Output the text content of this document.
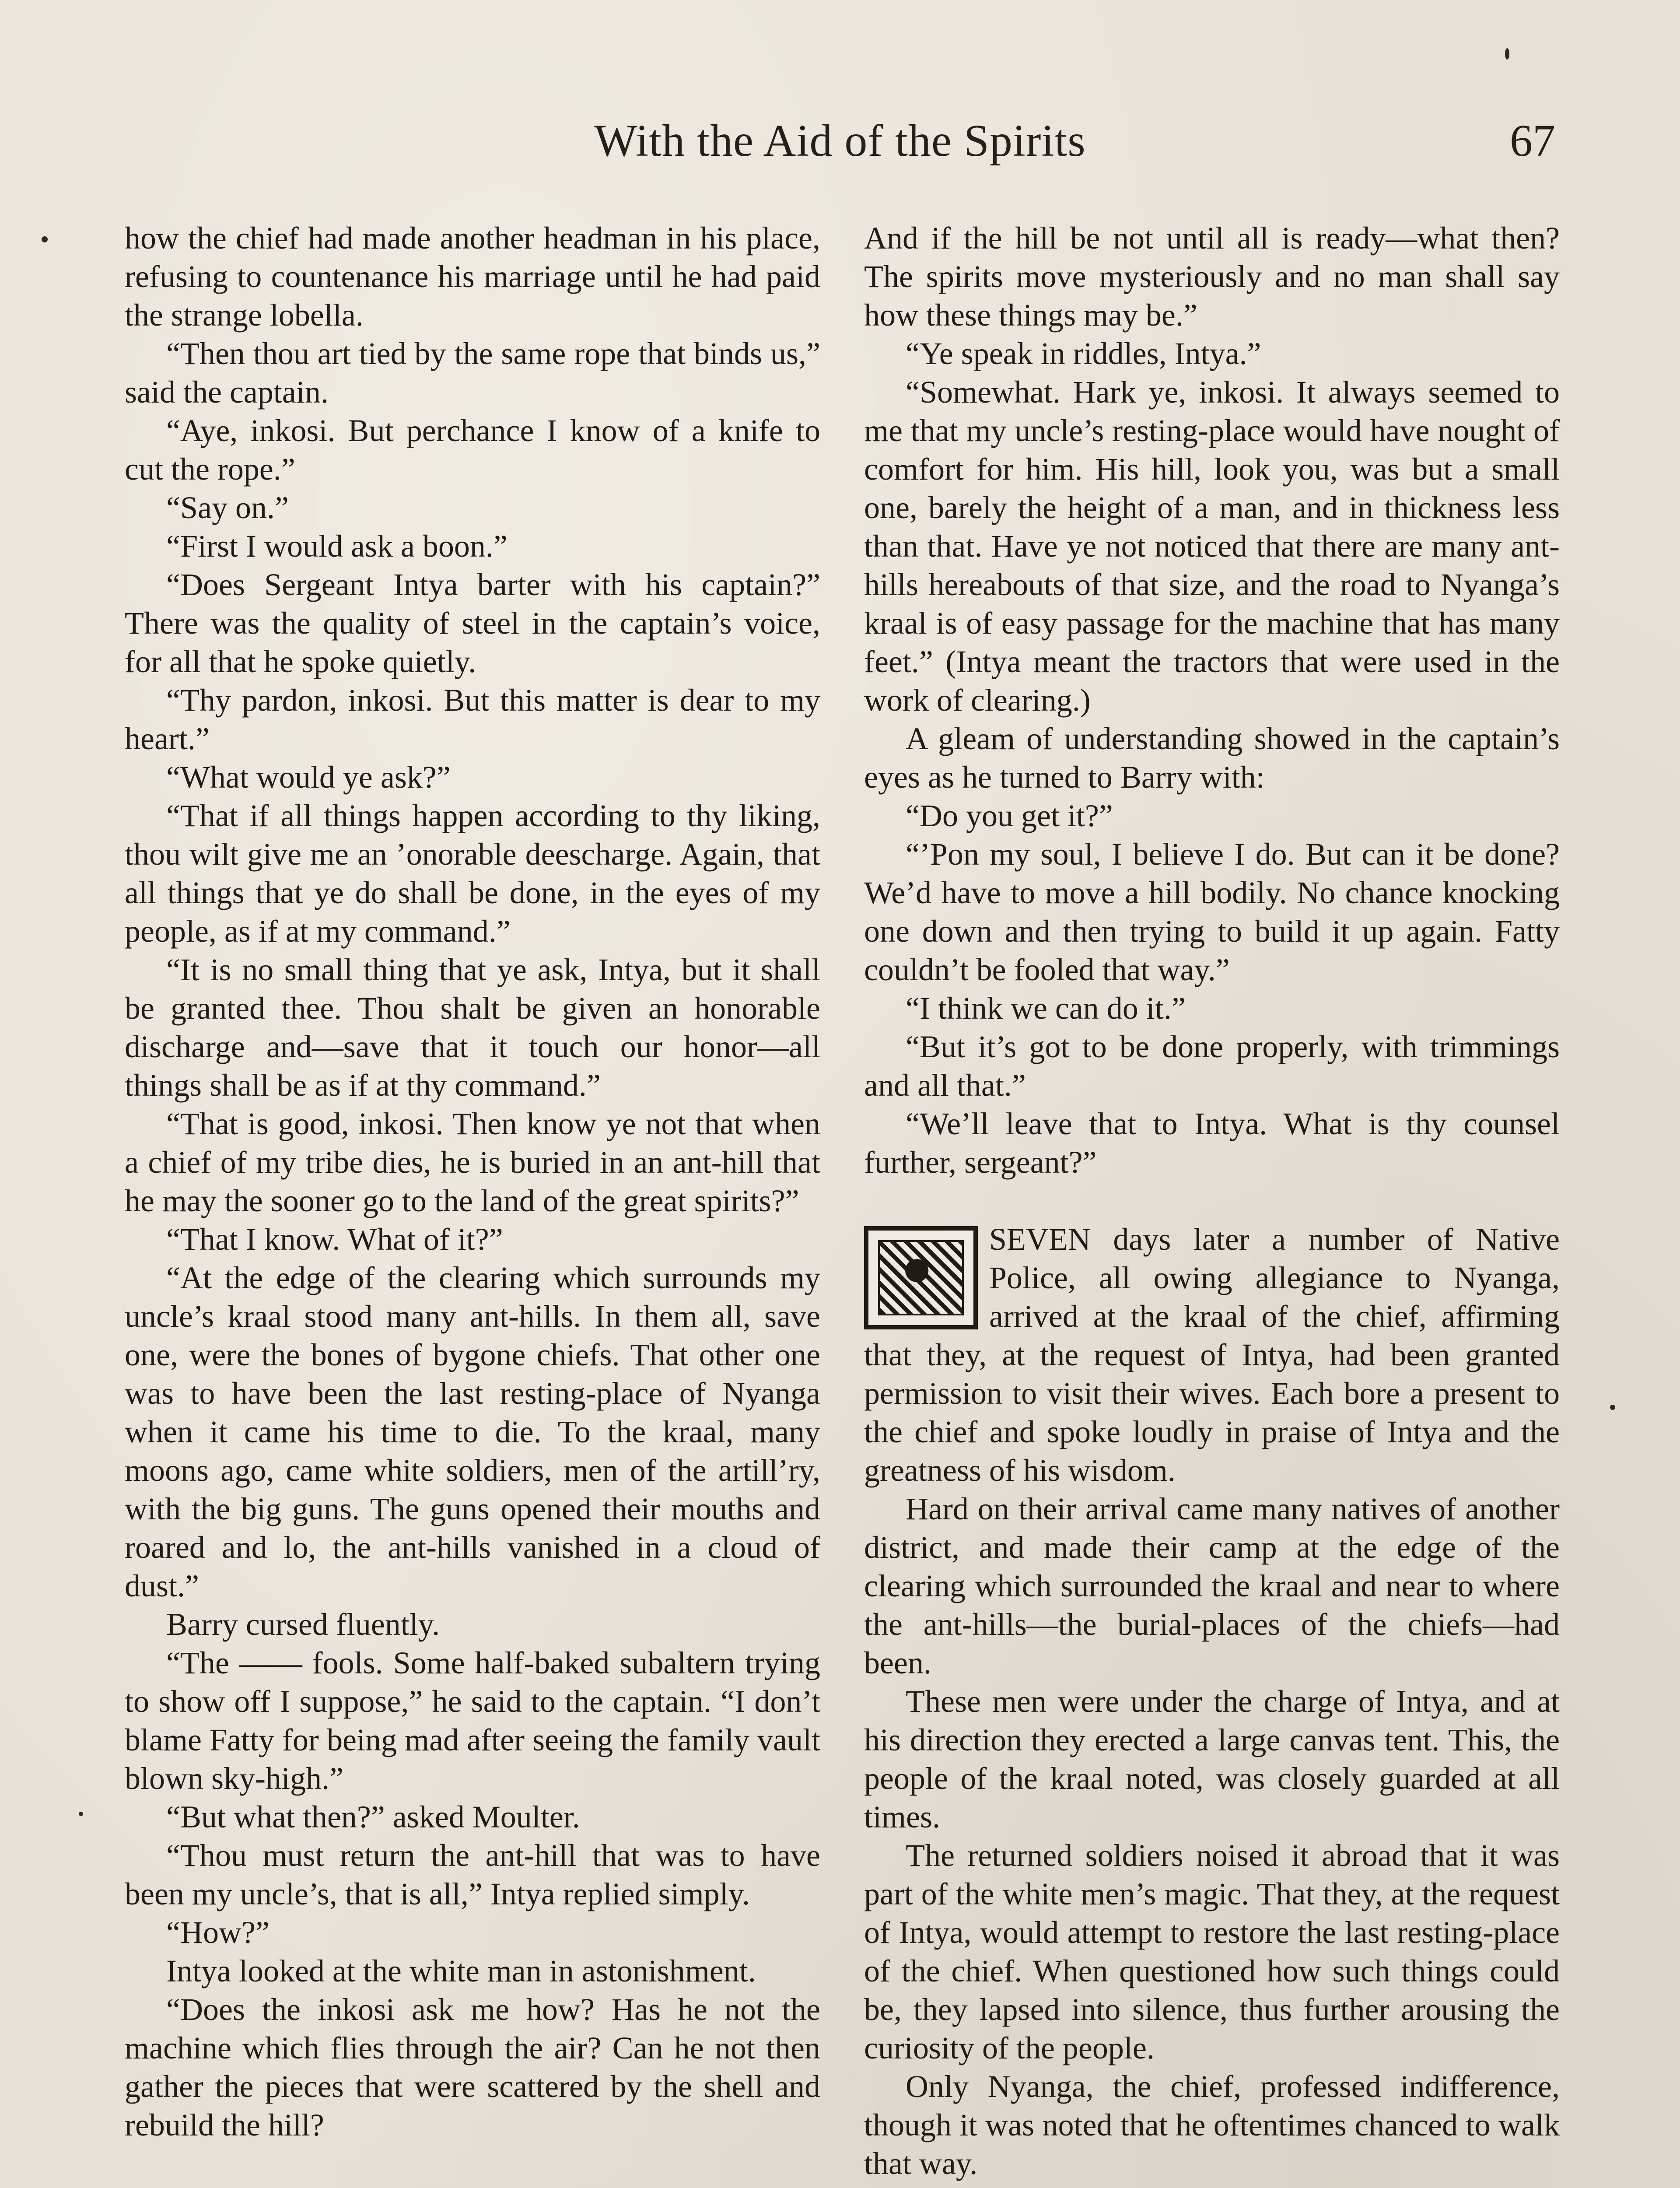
With the Aid of the Spirits	67

how the chief had made another headman in his place, refusing to countenance his marriage until he had paid the strange lobella.

“Then thou art tied by the same rope that binds us,” said the captain.

“Aye, inkosi. But perchance I know of a knife to cut the rope.”

“Say on.”

“First I would ask a boon.”

“Does Sergeant Intya barter with his captain?” There was the quality of steel in the captain’s voice, for all that he spoke quietly.

“Thy pardon, inkosi. But this matter is dear to my heart.”

“What would ye ask?”

“That if all things happen according to thy liking, thou wilt give me an ’onorable deescharge. Again, that all things that ye do shall be done, in the eyes of my people, as if at my command.”

“It is no small thing that ye ask, Intya, but it shall be granted thee. Thou shalt be given an honorable discharge and—save that it touch our honor—all things shall be as if at thy command.”

“That is good, inkosi. Then know ye not that when a chief of my tribe dies, he is buried in an ant-hill that he may the sooner go to the land of the great spirits?”

“That I know. What of it?”

“At the edge of the clearing which surrounds my uncle’s kraal stood many ant-hills. In them all, save one, were the bones of bygone chiefs. That other one was to have been the last resting-place of Nyanga when it came his time to die. To the kraal, many moons ago, came white soldiers, men of the artill’ry, with the big guns. The guns opened their mouths and roared and lo, the ant-hills vanished in a cloud of dust.”

Barry cursed fluently.

“The —— fools. Some half-baked subaltern trying to show off I suppose,” he said to the captain. “I don’t blame Fatty for being mad after seeing the family vault blown sky-high.”

“But what then?” asked Moulter.

“Thou must return the ant-hill that was to have been my uncle’s, that is all,” Intya replied simply.

“How?”

Intya looked at the white man in astonishment.

“Does the inkosi ask me how? Has he not the machine which flies through the air? Can he not then gather the pieces that were scattered by the shell and rebuild the hill?

And if the hill be not until all is ready—what then? The spirits move mysteriously and no man shall say how these things may be.”

“Ye speak in riddles, Intya.”

“Somewhat. Hark ye, inkosi. It always seemed to me that my uncle’s resting-place would have nought of comfort for him. His hill, look you, was but a small one, barely the height of a man, and in thickness less than that. Have ye not noticed that there are many ant-hills hereabouts of that size, and the road to Nyanga’s kraal is of easy passage for the machine that has many feet.” (Intya meant the tractors that were used in the work of clearing.)

A gleam of understanding showed in the captain’s eyes as he turned to Barry with:

“Do you get it?”

“’Pon my soul, I believe I do. But can it be done? We’d have to move a hill bodily. No chance knocking one down and then trying to build it up again. Fatty couldn’t be fooled that way.”

“I think we can do it.”

“But it’s got to be done properly, with trimmings and all that.”

“We’ll leave that to Intya. What is thy counsel further, sergeant?”

SEVEN days later a number of Native Police, all owing allegiance to Nyanga, arrived at the kraal of the chief, affirming that they, at the request of Intya, had been granted permission to visit their wives. Each bore a present to the chief and spoke loudly in praise of Intya and the greatness of his wisdom.

Hard on their arrival came many natives of another district, and made their camp at the edge of the clearing which surrounded the kraal and near to where the ant-hills—the burial-places of the chiefs—had been.

These men were under the charge of Intya, and at his direction they erected a large canvas tent. This, the people of the kraal noted, was closely guarded at all times.

The returned soldiers noised it abroad that it was part of the white men’s magic. That they, at the request of Intya, would attempt to restore the last resting-place of the chief. When questioned how such things could be, they lapsed into silence, thus further arousing the curiosity of the people.

Only Nyanga, the chief, professed indifference, though it was noted that he oftentimes chanced to walk that way.
